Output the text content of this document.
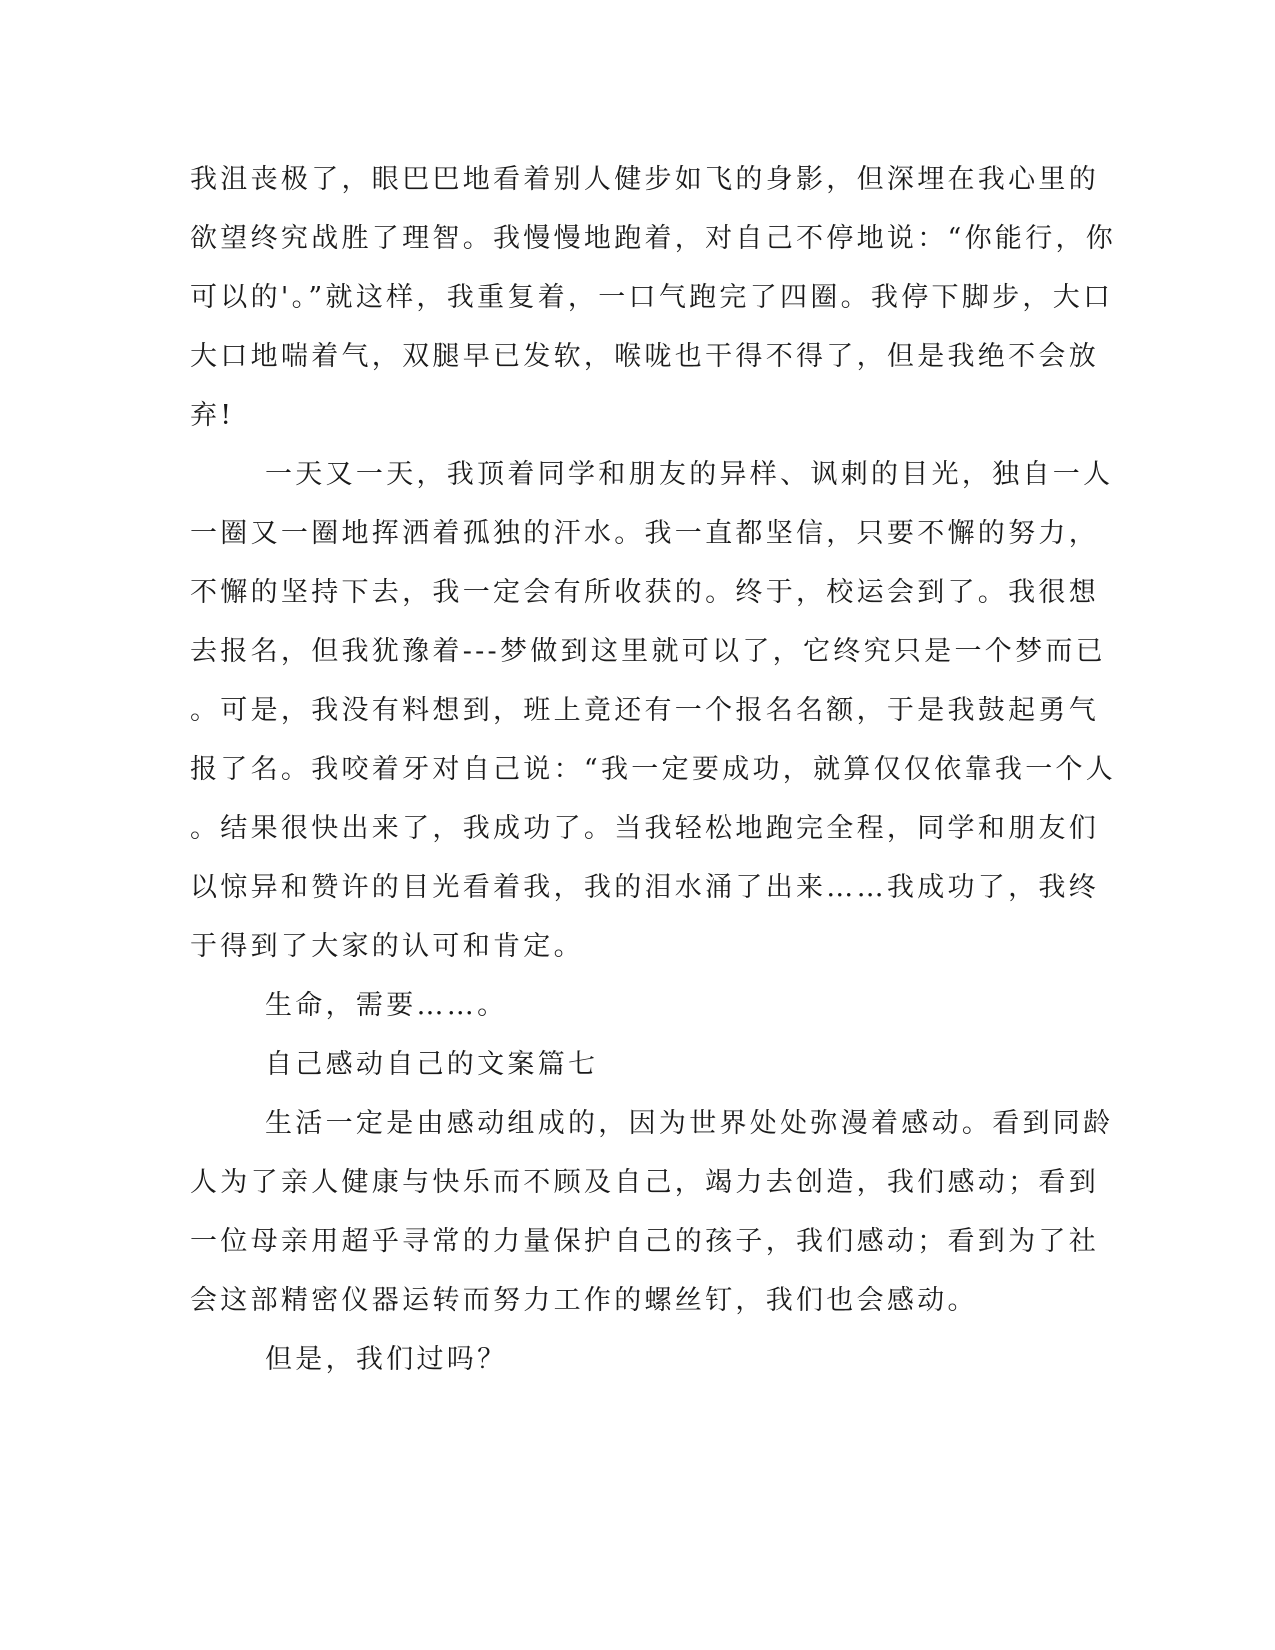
我沮丧极了，眼巴巴地看着别人健步如飞的身影，但深埋在我心里的
欲望终究战胜了理智。我慢慢地跑着，对自己不停地说：“你能行，你
可以的'。”就这样，我重复着，一口气跑完了四圈。我停下脚步，大口
大口地喘着气，双腿早已发软，喉咙也干得不得了，但是我绝不会放
弃!
一天又一天，我顶着同学和朋友的异样、讽刺的目光，独自一人
一圈又一圈地挥洒着孤独的汗水。我一直都坚信，只要不懈的努力，
不懈的坚持下去，我一定会有所收获的。终于，校运会到了。我很想
去报名，但我犹豫着---梦做到这里就可以了，它终究只是一个梦而已
。可是，我没有料想到，班上竟还有一个报名名额，于是我鼓起勇气
报了名。我咬着牙对自己说：“我一定要成功，就算仅仅依靠我一个人
。结果很快出来了，我成功了。当我轻松地跑完全程，同学和朋友们
以惊异和赞许的目光看着我，我的泪水涌了出来……我成功了，我终
于得到了大家的认可和肯定。
生命，需要……。
自己感动自己的文案篇七
生活一定是由感动组成的，因为世界处处弥漫着感动。看到同龄
人为了亲人健康与快乐而不顾及自己，竭力去创造，我们感动；看到
一位母亲用超乎寻常的力量保护自己的孩子，我们感动；看到为了社
会这部精密仪器运转而努力工作的螺丝钉，我们也会感动。
但是，我们过吗？
